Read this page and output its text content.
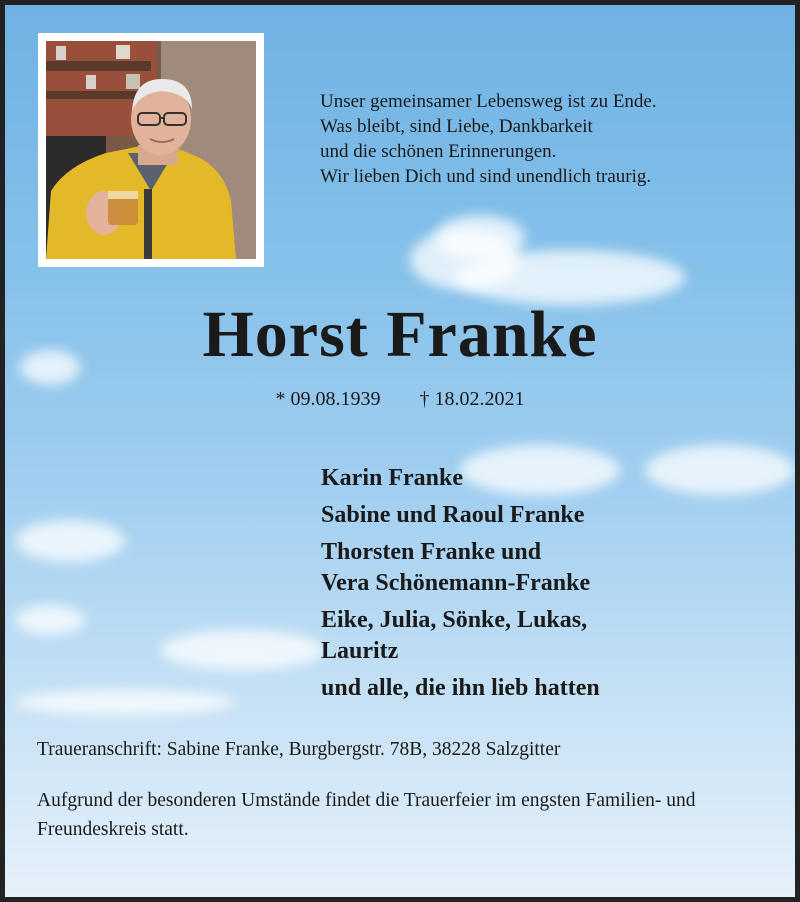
Unser gemeinsamer Lebensweg ist zu Ende.
Was bleibt, sind Liebe, Dankbarkeit
und die schönen Erinnerungen.
Wir lieben Dich und sind unendlich traurig.
Horst Franke
* 09.08.1939 † 18.02.2021
Karin Franke
Sabine und Raoul Franke
Thorsten Franke und
Vera Schönemann-Franke
Eike, Julia, Sönke, Lukas,
Lauritz
und alle, die ihn lieb hatten
Traueranschrift: Sabine Franke, Burgbergstr. 78B, 38228 Salzgitter
Aufgrund der besonderen Umstände findet die Trauerfeier im engsten Familien- und Freundeskreis statt.
